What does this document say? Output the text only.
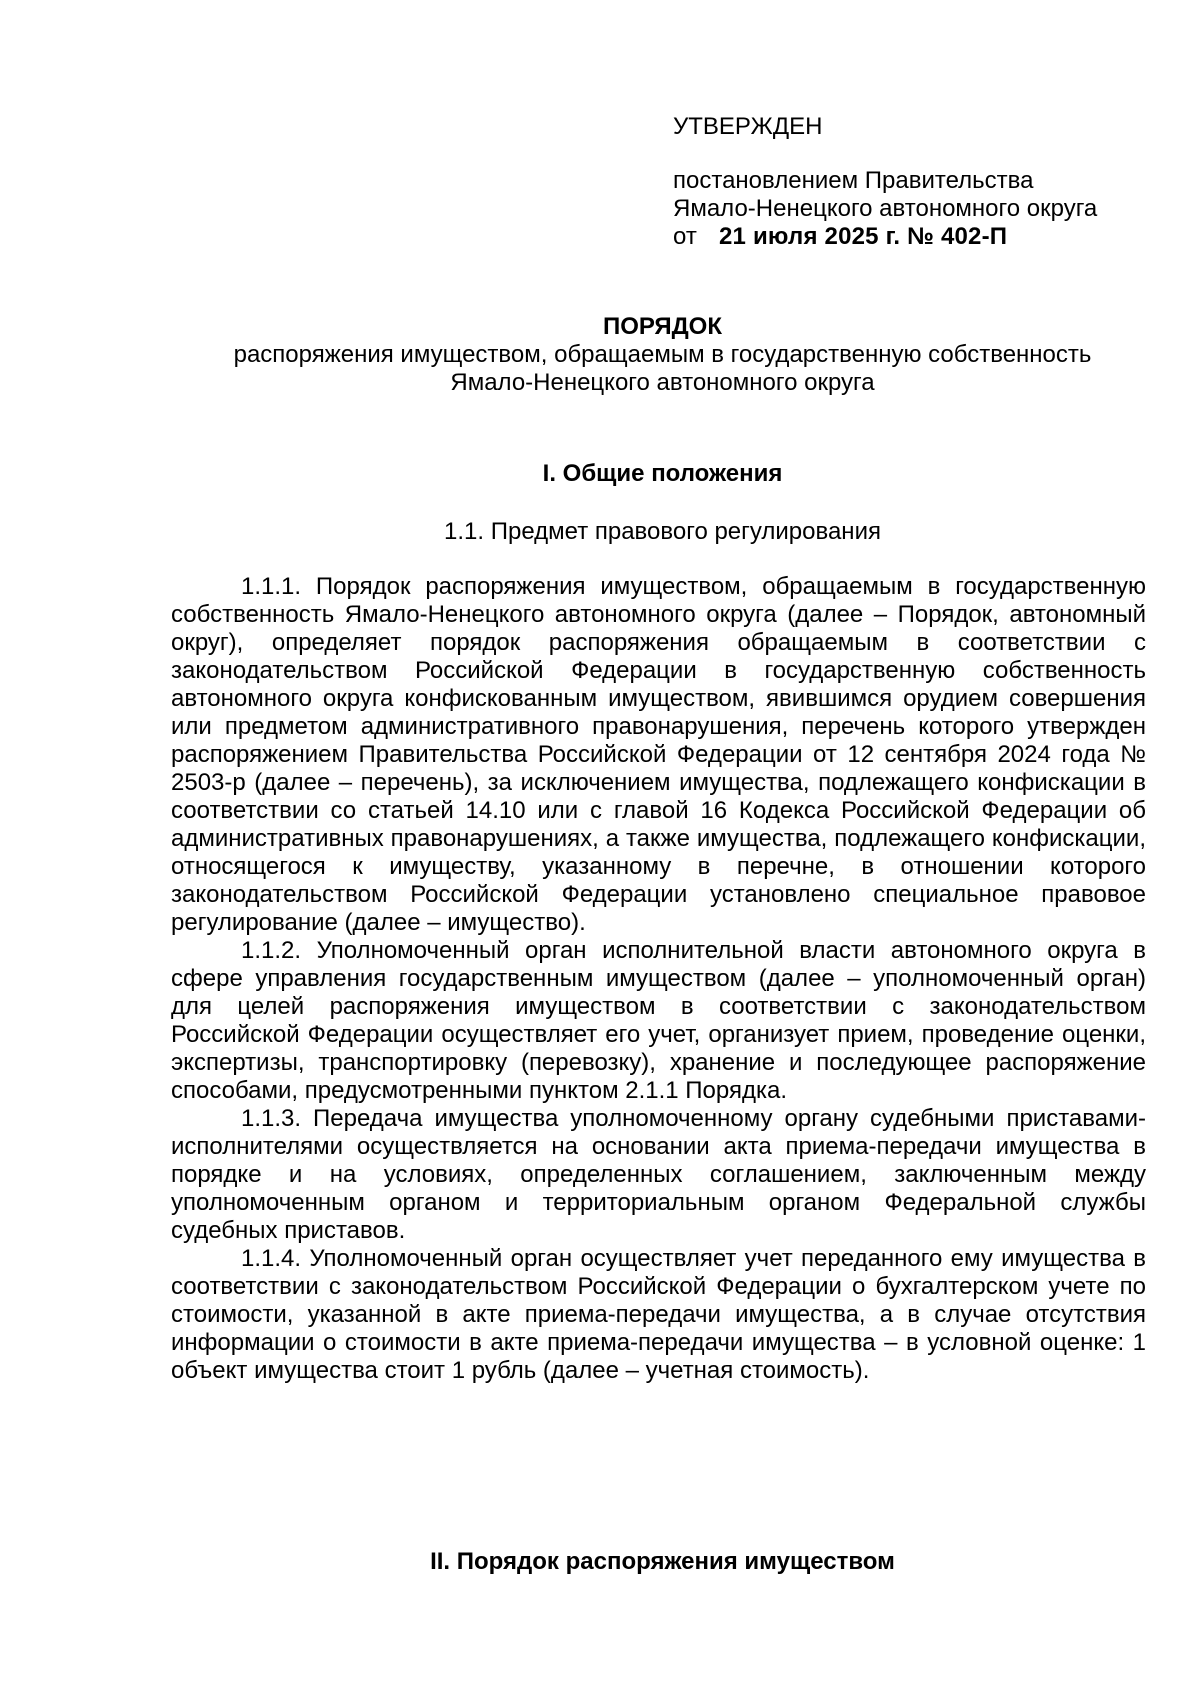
УТВЕРЖДЕН
постановлением Правительства
Ямало-Ненецкого автономного округа
от 21 июля 2025 г. № 402-П
ПОРЯДОК
распоряжения имуществом, обращаемым в государственную собственность
Ямало-Ненецкого автономного округа
I. Общие положения
1.1. Предмет правового регулирования

1.1.1. Порядок распоряжения имуществом, обращаемым в государственную собственность Ямало-Ненецкого автономного округа (далее – Порядок, автономный округ), определяет порядок распоряжения обращаемым в соответствии с законодательством Российской Федерации в государственную собственность автономного округа конфискованным имуществом, явившимся орудием совершения или предметом административного правонарушения, перечень которого утвержден распоряжением Правительства Российской Федерации от 12 сентября 2024 года № 2503-р (далее – перечень), за исключением имущества, подлежащего конфискации в соответствии со статьей 14.10 или с главой 16 Кодекса Российской Федерации об административных правонарушениях, а также имущества, подлежащего конфискации, относящегося к имуществу, указанному в перечне, в отношении которого законодательством Российской Федерации установлено специальное правовое регулирование (далее – имущество).

1.1.2. Уполномоченный орган исполнительной власти автономного округа в сфере управления государственным имуществом (далее – уполномоченный орган) для целей распоряжения имуществом в соответствии с законодательством Российской Федерации осуществляет его учет, организует прием, проведение оценки, экспертизы, транспортировку (перевозку), хранение и последующее распоряжение способами, предусмотренными пунктом 2.1.1 Порядка.

1.1.3. Передача имущества уполномоченному органу судебными приставами-исполнителями осуществляется на основании акта приема-передачи имущества в порядке и на условиях, определенных соглашением, заключенным между уполномоченным органом и территориальным органом Федеральной службы судебных приставов.

1.1.4. Уполномоченный орган осуществляет учет переданного ему имущества в соответствии с законодательством Российской Федерации о бухгалтерском учете по стоимости, указанной в акте приема-передачи имущества, а в случае отсутствия информации о стоимости в акте приема-передачи имущества – в условной оценке: 1 объект имущества стоит 1 рубль (далее – учетная стоимость).

II. Порядок распоряжения имуществом
